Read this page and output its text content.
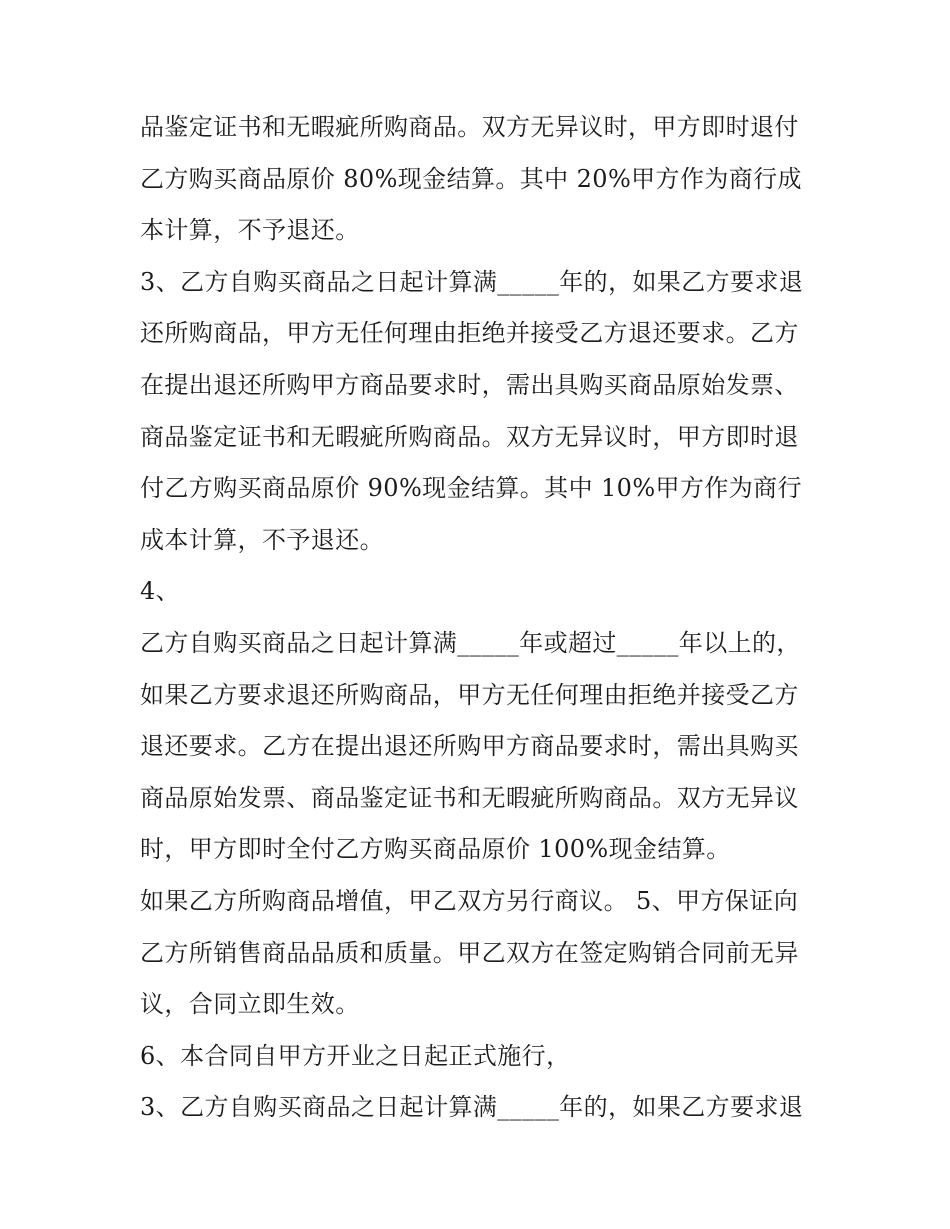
品鉴定证书和无暇疵所购商品。双方无异议时，甲方即时退付

乙方购买商品原价 80%现金结算。其中 20%甲方作为商行成

本计算，不予退还。

3、乙方自购买商品之日起计算满_____年的，如果乙方要求退

还所购商品，甲方无任何理由拒绝并接受乙方退还要求。乙方

在提出退还所购甲方商品要求时，需出具购买商品原始发票、

商品鉴定证书和无暇疵所购商品。双方无异议时，甲方即时退

付乙方购买商品原价 90%现金结算。其中 10%甲方作为商行

成本计算，不予退还。

4、

乙方自购买商品之日起计算满_____年或超过_____年以上的，

如果乙方要求退还所购商品，甲方无任何理由拒绝并接受乙方

退还要求。乙方在提出退还所购甲方商品要求时，需出具购买

商品原始发票、商品鉴定证书和无暇疵所购商品。双方无异议

时，甲方即时全付乙方购买商品原价 100%现金结算。

如果乙方所购商品增值，甲乙双方另行商议。 5、甲方保证向

乙方所销售商品品质和质量。甲乙双方在签定购销合同前无异

议，合同立即生效。

6、本合同自甲方开业之日起正式施行，

3、乙方自购买商品之日起计算满_____年的，如果乙方要求退
